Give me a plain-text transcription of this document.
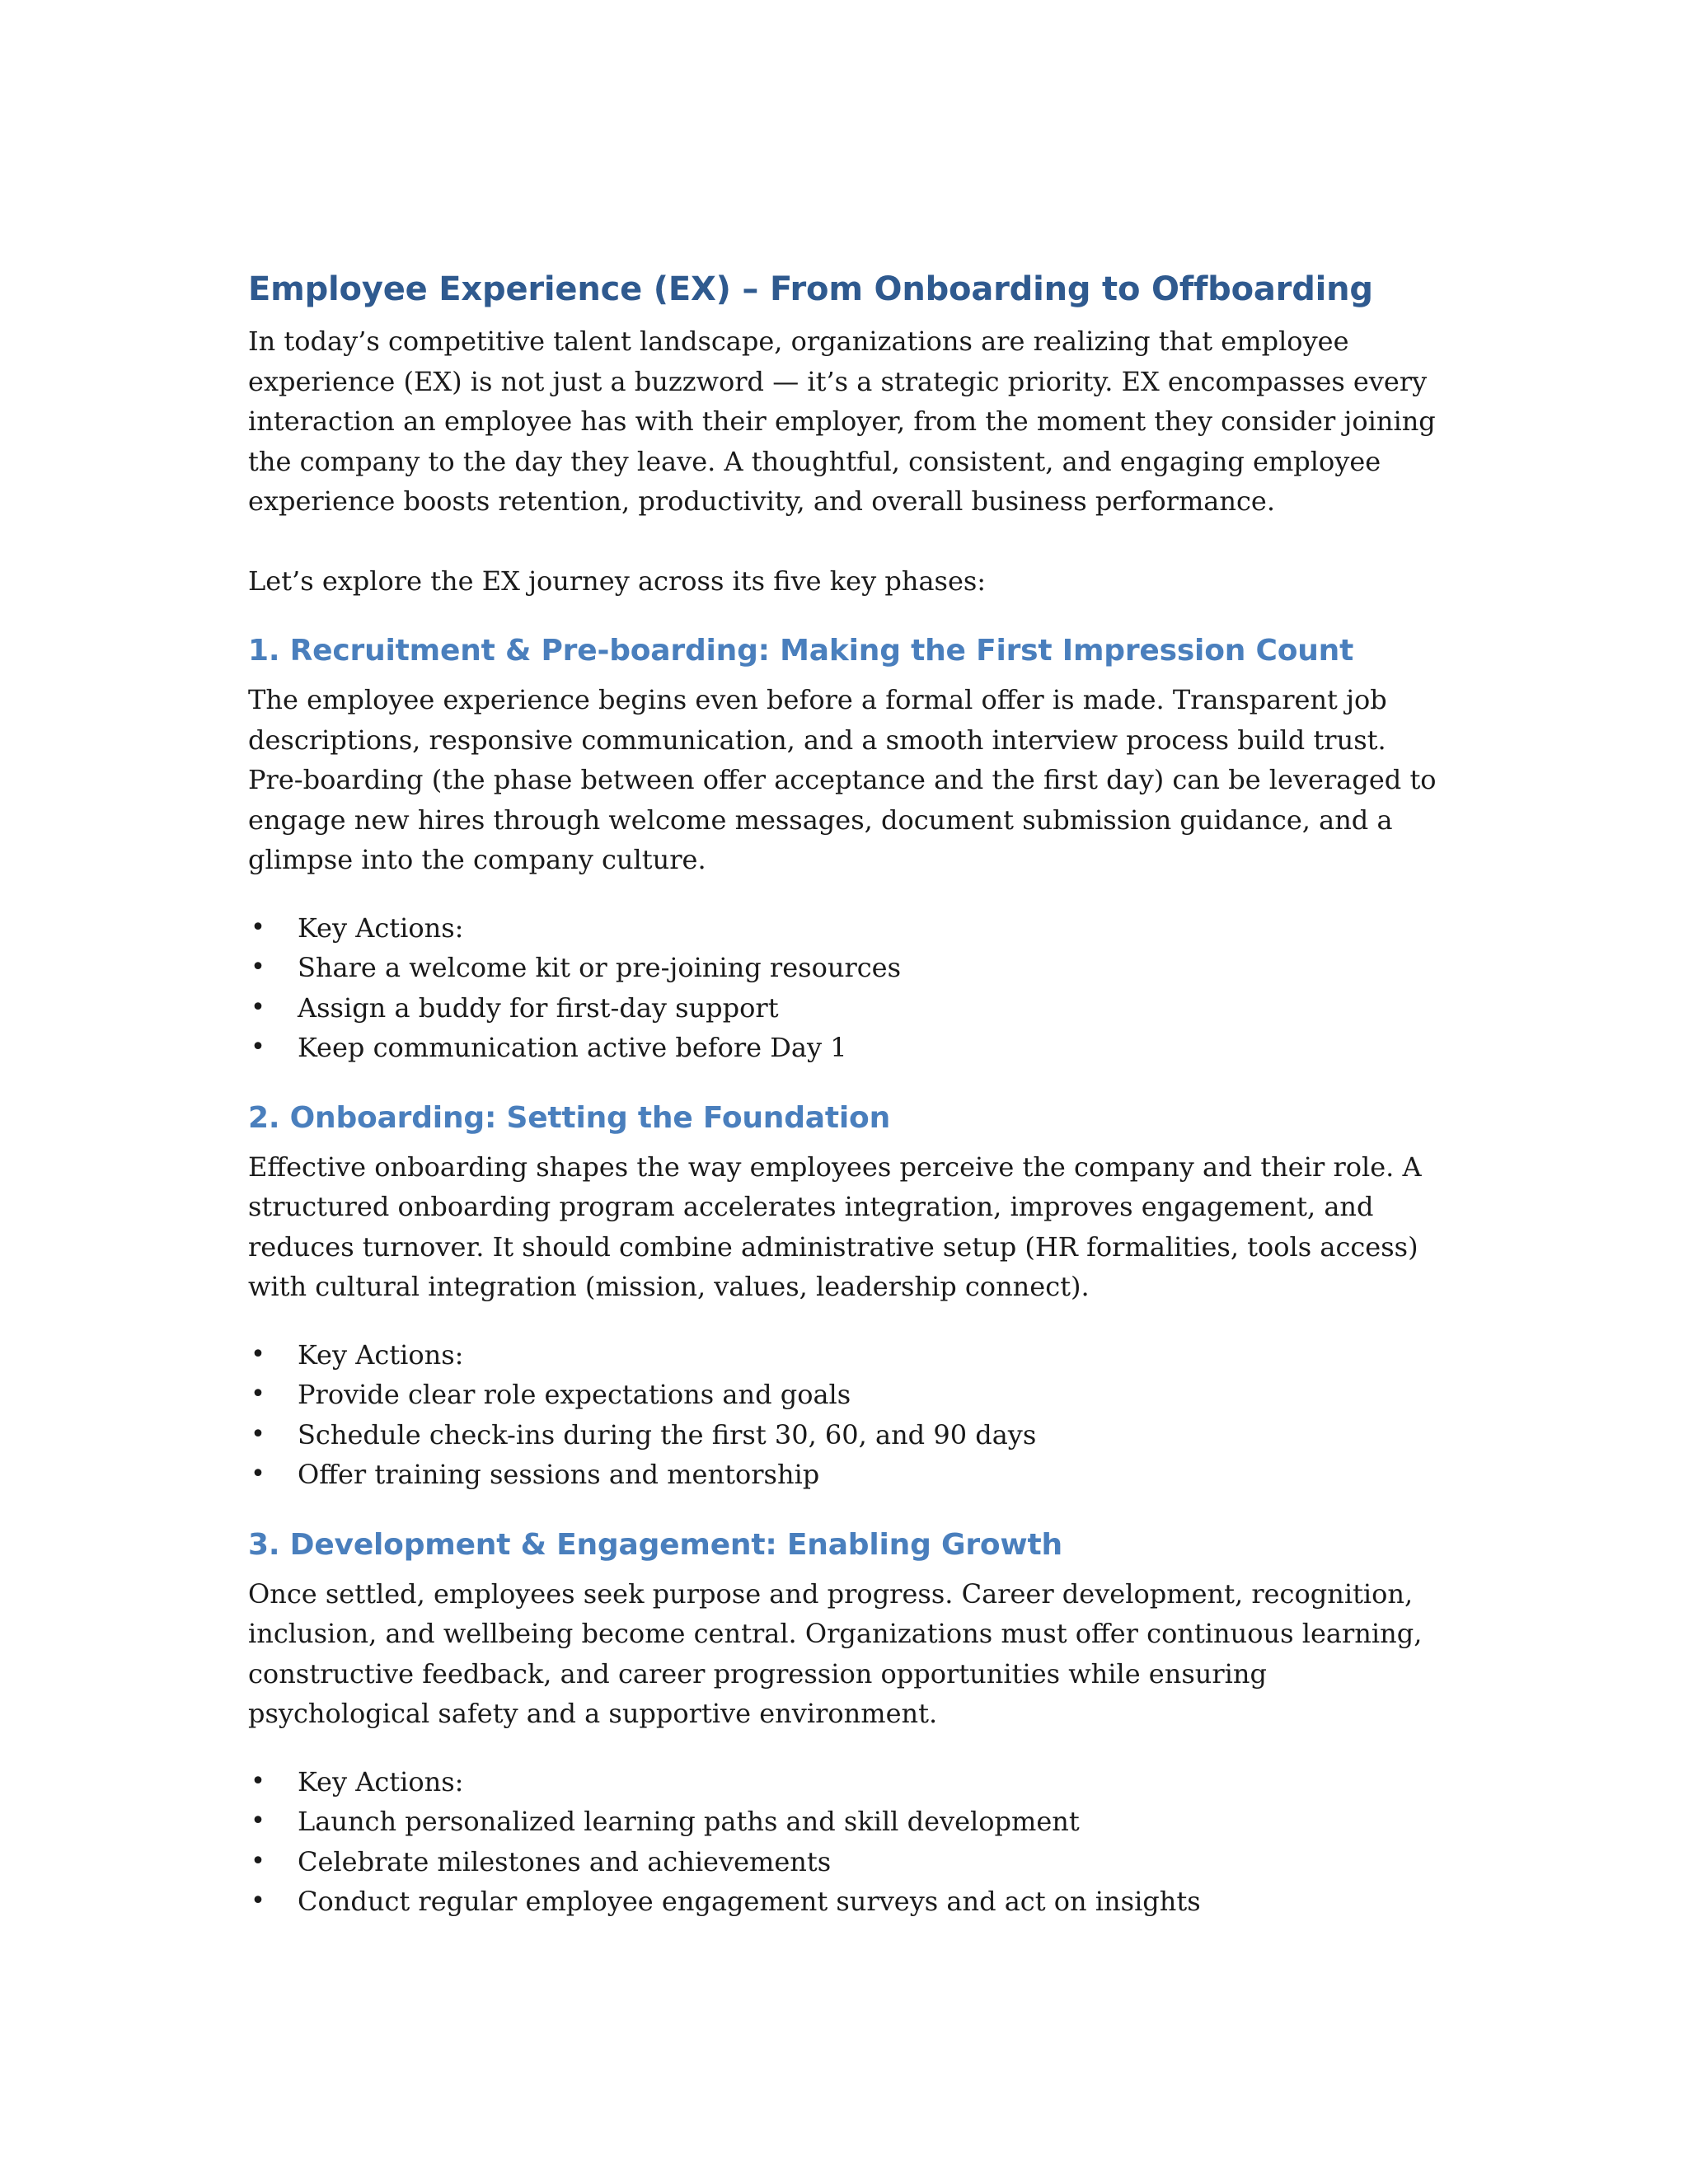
Employee Experience (EX) – From Onboarding to Offboarding

In today’s competitive talent landscape, organizations are realizing that employee experience (EX) is not just a buzzword — it’s a strategic priority. EX encompasses every interaction an employee has with their employer, from the moment they consider joining the company to the day they leave. A thoughtful, consistent, and engaging employee experience boosts retention, productivity, and overall business performance.

Let’s explore the EX journey across its five key phases:

1. Recruitment & Pre-boarding: Making the First Impression Count

The employee experience begins even before a formal offer is made. Transparent job descriptions, responsive communication, and a smooth interview process build trust. Pre-boarding (the phase between offer acceptance and the first day) can be leveraged to engage new hires through welcome messages, document submission guidance, and a glimpse into the company culture.

• Key Actions:
• Share a welcome kit or pre-joining resources
• Assign a buddy for first-day support
• Keep communication active before Day 1
2. Onboarding: Setting the Foundation

Effective onboarding shapes the way employees perceive the company and their role. A structured onboarding program accelerates integration, improves engagement, and reduces turnover. It should combine administrative setup (HR formalities, tools access) with cultural integration (mission, values, leadership connect).

• Key Actions:
• Provide clear role expectations and goals
• Schedule check-ins during the first 30, 60, and 90 days
• Offer training sessions and mentorship
3. Development & Engagement: Enabling Growth

Once settled, employees seek purpose and progress. Career development, recognition, inclusion, and wellbeing become central. Organizations must offer continuous learning, constructive feedback, and career progression opportunities while ensuring psychological safety and a supportive environment.

• Key Actions:
• Launch personalized learning paths and skill development
• Celebrate milestones and achievements
• Conduct regular employee engagement surveys and act on insights
